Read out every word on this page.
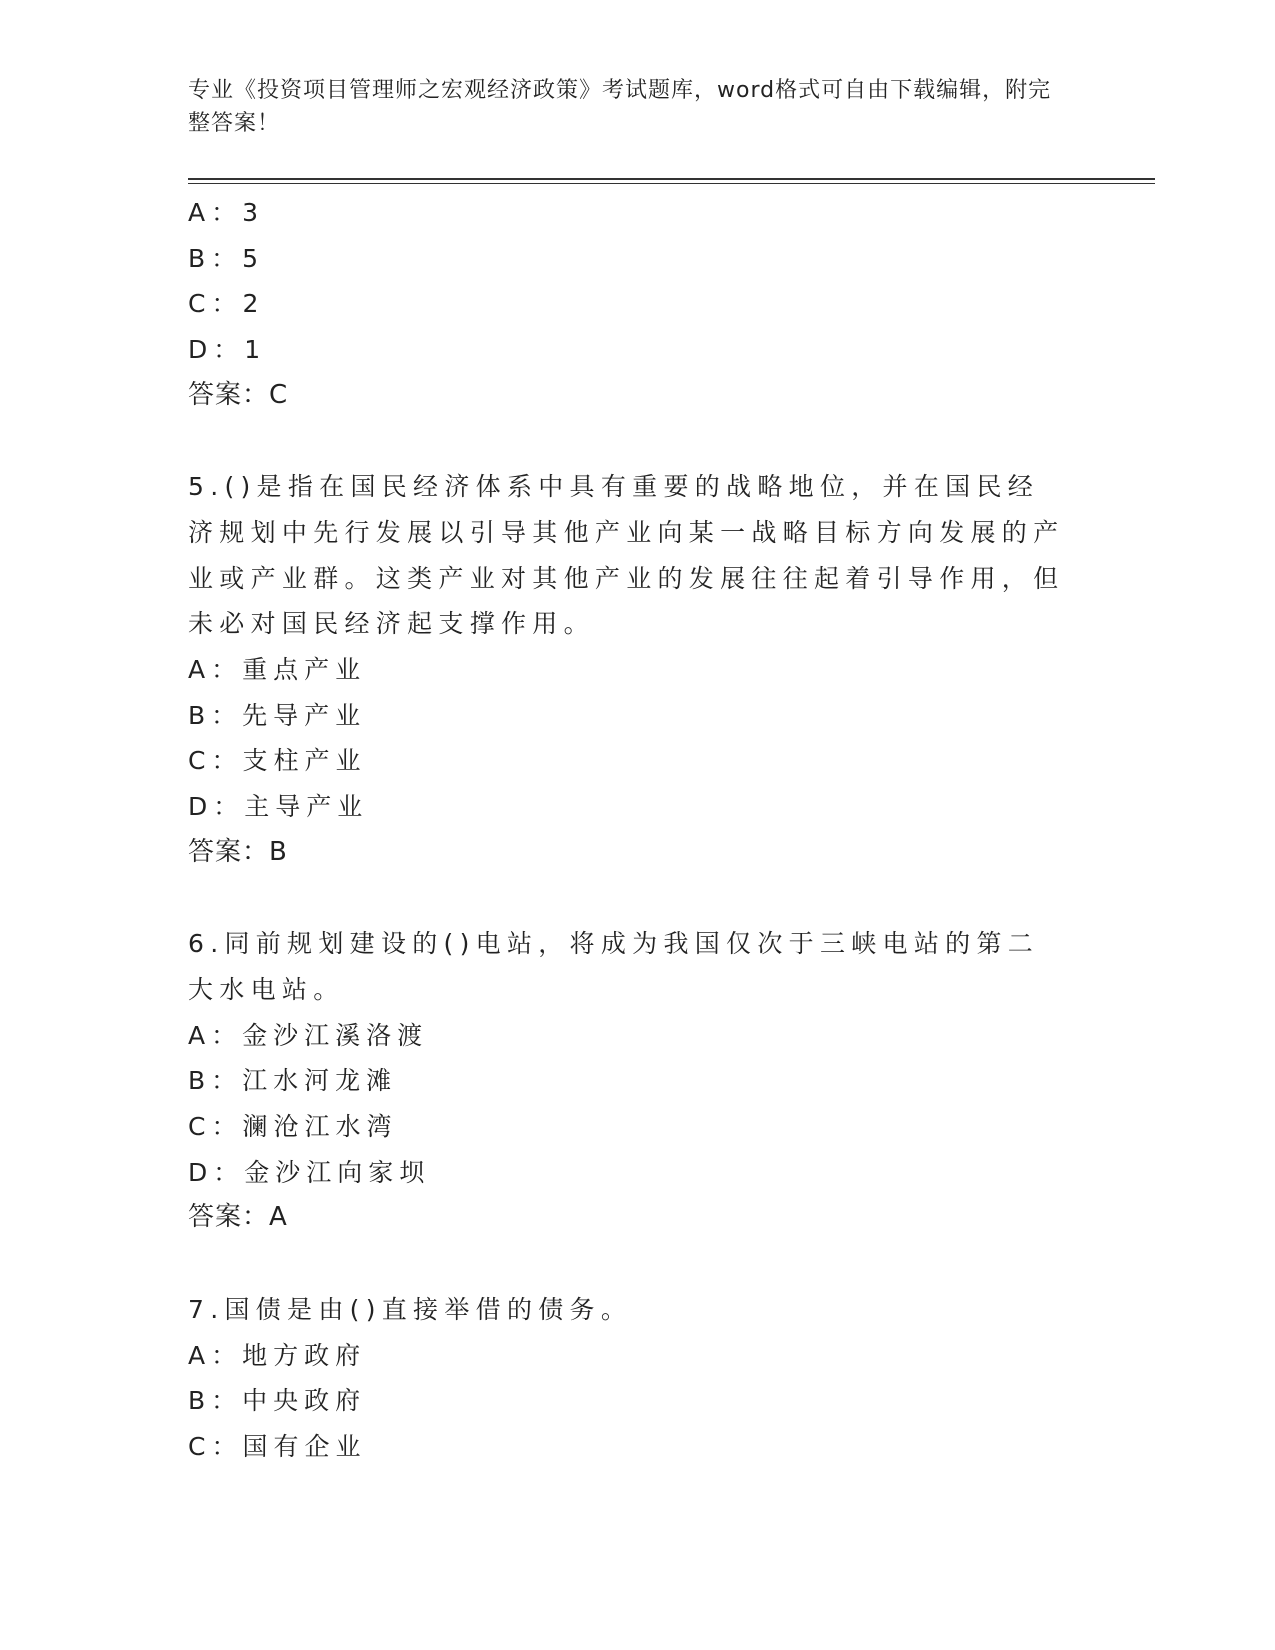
专业《投资项目管理师之宏观经济政策》考试题库，word格式可自由下载编辑，附完整答案！
A：3
B：5
C：2
D：1
答案：C
5.()是指在国民经济体系中具有重要的战略地位，并在国民经济规划中先行发展以引导其他产业向某一战略目标方向发展的产业或产业群。这类产业对其他产业的发展往往起着引导作用，但未必对国民经济起支撑作用。
A：重点产业
B：先导产业
C：支柱产业
D：主导产业
答案：B
6.同前规划建设的()电站，将成为我国仅次于三峡电站的第二大水电站。
A：金沙江溪洛渡
B：江水河龙滩
C：澜沧江水湾
D：金沙江向家坝
答案：A
7.国债是由()直接举借的债务。
A：地方政府
B：中央政府
C：国有企业
